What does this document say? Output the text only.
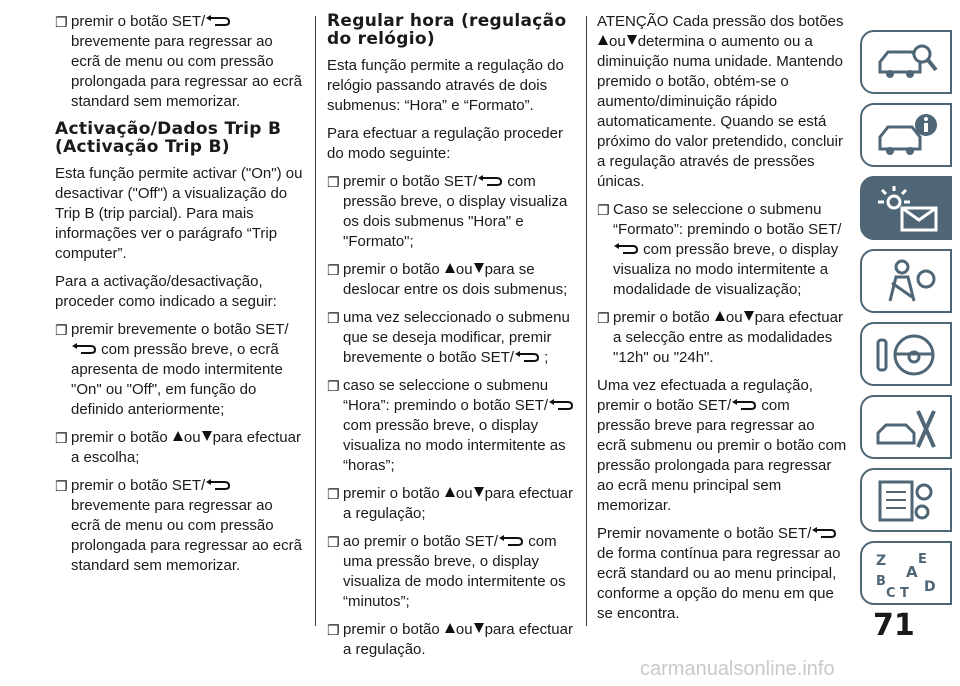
❐ premir o botão SET/ brevemente para regressar ao ecrã de menu ou com pressão prolongada para regressar ao ecrã standard sem memorizar.
Activação/Dados Trip B (Activação Trip B)

Esta função permite activar ("On") ou desactivar ("Off") a visualização do Trip B (trip parcial). Para mais informações ver o parágrafo “Trip computer”.

Para a activação/desactivação, proceder como indicado a seguir:

❐ premir brevemente o botão SET/ com pressão breve, o ecrã apresenta de modo intermitente "On" ou "Off", em função do definido anteriormente;
❐ premir o botão ou para efectuar a escolha;
❐ premir o botão SET/ brevemente para regressar ao ecrã de menu ou com pressão prolongada para regressar ao ecrã standard sem memorizar.
Regular hora (regulação do relógio)

Esta função permite a regulação do relógio passando através de dois submenus: “Hora” e “Formato”.

Para efectuar a regulação proceder do modo seguinte:

❐ premir o botão SET/ com pressão breve, o display visualiza os dois submenus "Hora" e "Formato";
❐ premir o botão ou para se deslocar entre os dois submenus;
❐ uma vez seleccionado o submenu que se deseja modificar, premir brevemente o botão SET/ ;
❐ caso se seleccione o submenu “Hora”: premindo o botão SET/ com pressão breve, o display visualiza no modo intermitente as “horas”;
❐ premir o botão ou para efectuar a regulação;
❐ ao premir o botão SET/ com uma pressão breve, o display visualiza de modo intermitente os “minutos”;
❐ premir o botão ou para efectuar a regulação.

ATENÇÃO Cada pressão dos botões ou determina o aumento ou a diminuição numa unidade. Mantendo premido o botão, obtém-se o aumento/diminuição rápido automaticamente. Quando se está próximo do valor pretendido, concluir a regulação através de pressões únicas.

❐ Caso se seleccione o submenu “Formato”: premindo o botão SET/ com pressão breve, o display visualiza no modo intermitente a modalidade de visualização;
❐ premir o botão ou para efectuar a selecção entre as modalidades "12h" ou "24h".

Uma vez efectuada a regulação, premir o botão SET/ com pressão breve para regressar ao ecrã submenu ou premir o botão com pressão prolongada para regressar ao ecrã menu principal sem memorizar.

Premir novamente o botão SET/ de forma contínua para regressar ao ecrã standard ou ao menu principal, conforme a opção do menu em que se encontra.

Z E
A
B
C T D
71
carmanualsonline.info
